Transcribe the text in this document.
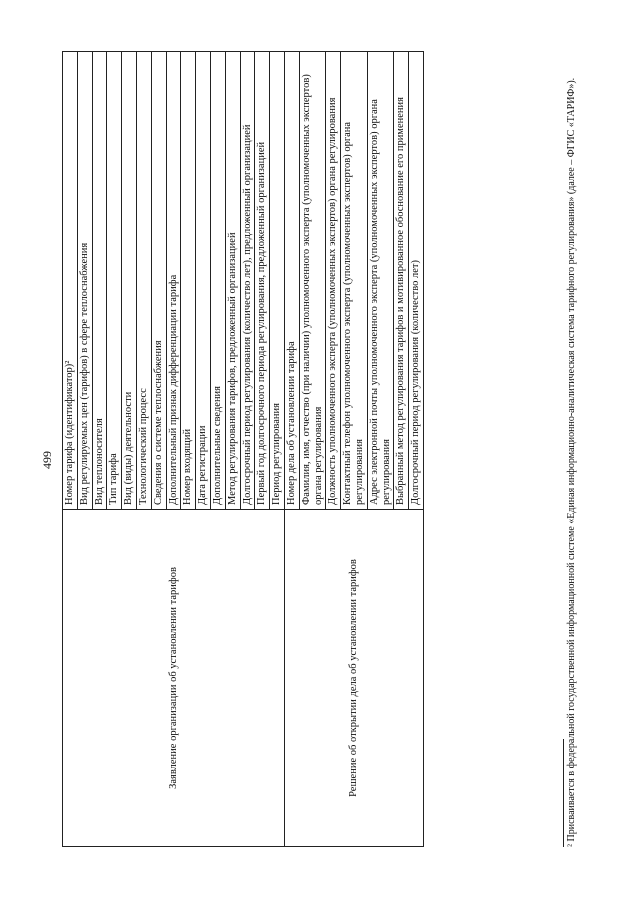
499
Заявление организации об установлении тарифов	Номер тарифа (идентификатор)²
	Вид регулируемых цен (тарифов) в сфере теплоснабжения
	Вид теплоносителя
	Тип тарифа
	Вид (виды) деятельности
	Технологический процесс
	Сведения о системе теплоснабжения
	Дополнительный признак дифференциации тарифа
	Номер входящий
	Дата регистрации
	Дополнительные сведения
	Метод регулирования тарифов, предложенный организацией
	Долгосрочный период регулирования (количество лет), предложенный организацией
	Первый год долгосрочного периода регулирования, предложенный организацией
	Период регулирования
Решение об открытии дела об установлении тарифов	Номер дела об установлении тарифа
	Фамилия, имя, отчество (при наличии) уполномоченного эксперта (уполномоченных экспертов) органа регулирования
	Должность уполномоченного эксперта (уполномоченных экспертов) органа регулирования
	Контактный телефон уполномоченного эксперта (уполномоченных экспертов) органа регулирования
	Адрес электронной почты уполномоченного эксперта (уполномоченных экспертов) органа регулирования
	Выбранный метод регулирования тарифов и мотивированное обоснование его применения
	Долгосрочный период регулирования (количество лет)	² Присваивается в федеральной государственной информационной системе «Единая информационно-аналитическая система тарифного регулирования» (далее – ФГИС «ТАРИФ»).
